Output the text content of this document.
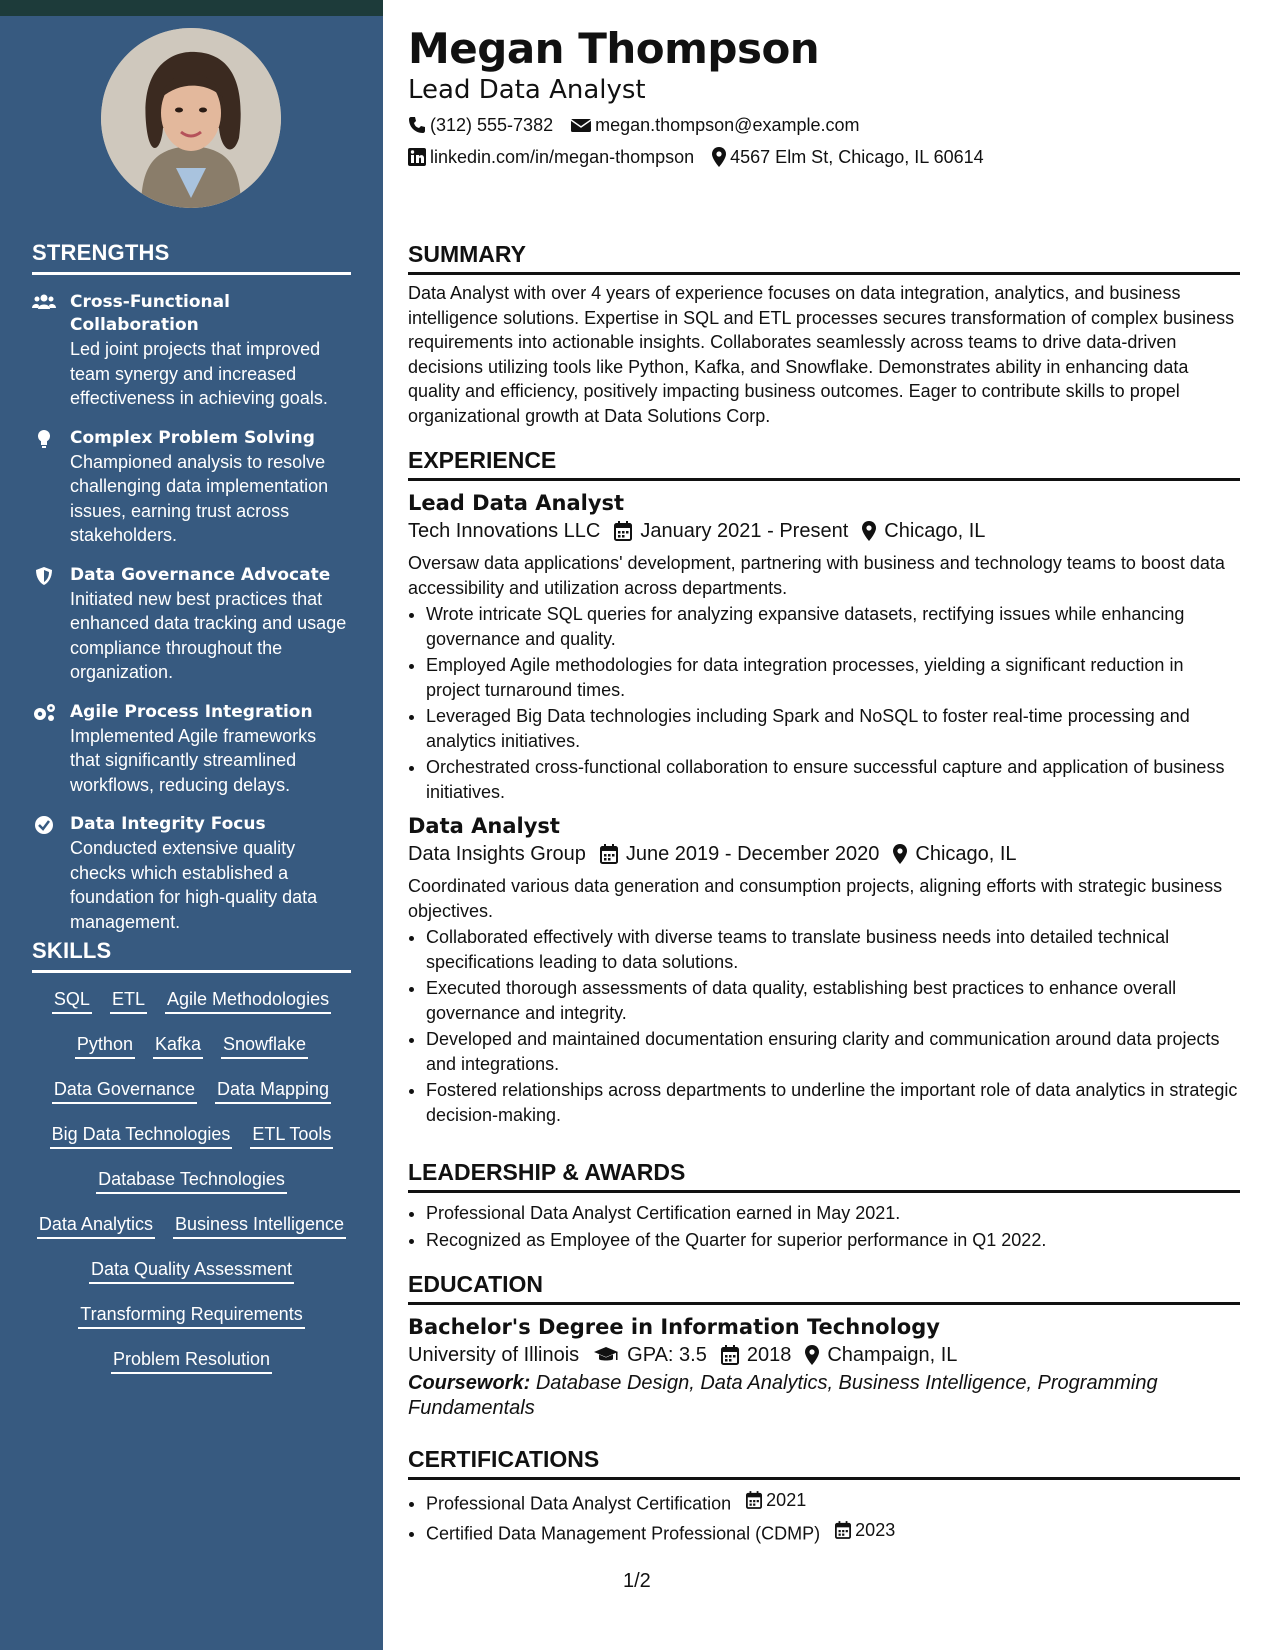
STRENGTHS
Cross-Functional Collaboration
Led joint projects that improved team synergy and increased effectiveness in achieving goals.
Complex Problem Solving
Championed analysis to resolve challenging data implementation issues, earning trust across stakeholders.
Data Governance Advocate
Initiated new best practices that enhanced data tracking and usage compliance throughout the organization.
Agile Process Integration
Implemented Agile frameworks that significantly streamlined workflows, reducing delays.
Data Integrity Focus
Conducted extensive quality checks which established a foundation for high-quality data management.
SKILLS
SQL ETL Agile Methodologies
Python Kafka Snowflake
Data Governance Data Mapping
Big Data Technologies ETL Tools
Database Technologies
Data Analytics Business Intelligence
Data Quality Assessment
Transforming Requirements
Problem Resolution
Megan Thompson
Lead Data Analyst
(312) 555-7382 megan.thompson@example.com
linkedin.com/in/megan-thompson 4567 Elm St, Chicago, IL 60614
SUMMARY
Data Analyst with over 4 years of experience focuses on data integration, analytics, and business intelligence solutions. Expertise in SQL and ETL processes secures transformation of complex business requirements into actionable insights. Collaborates seamlessly across teams to drive data-driven decisions utilizing tools like Python, Kafka, and Snowflake. Demonstrates ability in enhancing data quality and efficiency, positively impacting business outcomes. Eager to contribute skills to propel organizational growth at Data Solutions Corp.
EXPERIENCE
Lead Data Analyst
Tech Innovations LLC January 2021 - Present Chicago, IL
Oversaw data applications' development, partnering with business and technology teams to boost data accessibility and utilization across departments.
• Wrote intricate SQL queries for analyzing expansive datasets, rectifying issues while enhancing governance and quality.
• Employed Agile methodologies for data integration processes, yielding a significant reduction in project turnaround times.
• Leveraged Big Data technologies including Spark and NoSQL to foster real-time processing and analytics initiatives.
• Orchestrated cross-functional collaboration to ensure successful capture and application of business initiatives.
Data Analyst
Data Insights Group June 2019 - December 2020 Chicago, IL
Coordinated various data generation and consumption projects, aligning efforts with strategic business objectives.
• Collaborated effectively with diverse teams to translate business needs into detailed technical specifications leading to data solutions.
• Executed thorough assessments of data quality, establishing best practices to enhance overall governance and integrity.
• Developed and maintained documentation ensuring clarity and communication around data projects and integrations.
• Fostered relationships across departments to underline the important role of data analytics in strategic decision-making.
LEADERSHIP & AWARDS
• Professional Data Analyst Certification earned in May 2021.
• Recognized as Employee of the Quarter for superior performance in Q1 2022.
EDUCATION
Bachelor's Degree in Information Technology
University of Illinois GPA: 3.5 2018 Champaign, IL
Coursework: Database Design, Data Analytics, Business Intelligence, Programming Fundamentals
CERTIFICATIONS
• Professional Data Analyst Certification 2021
• Certified Data Management Professional (CDMP) 2023
1/2
